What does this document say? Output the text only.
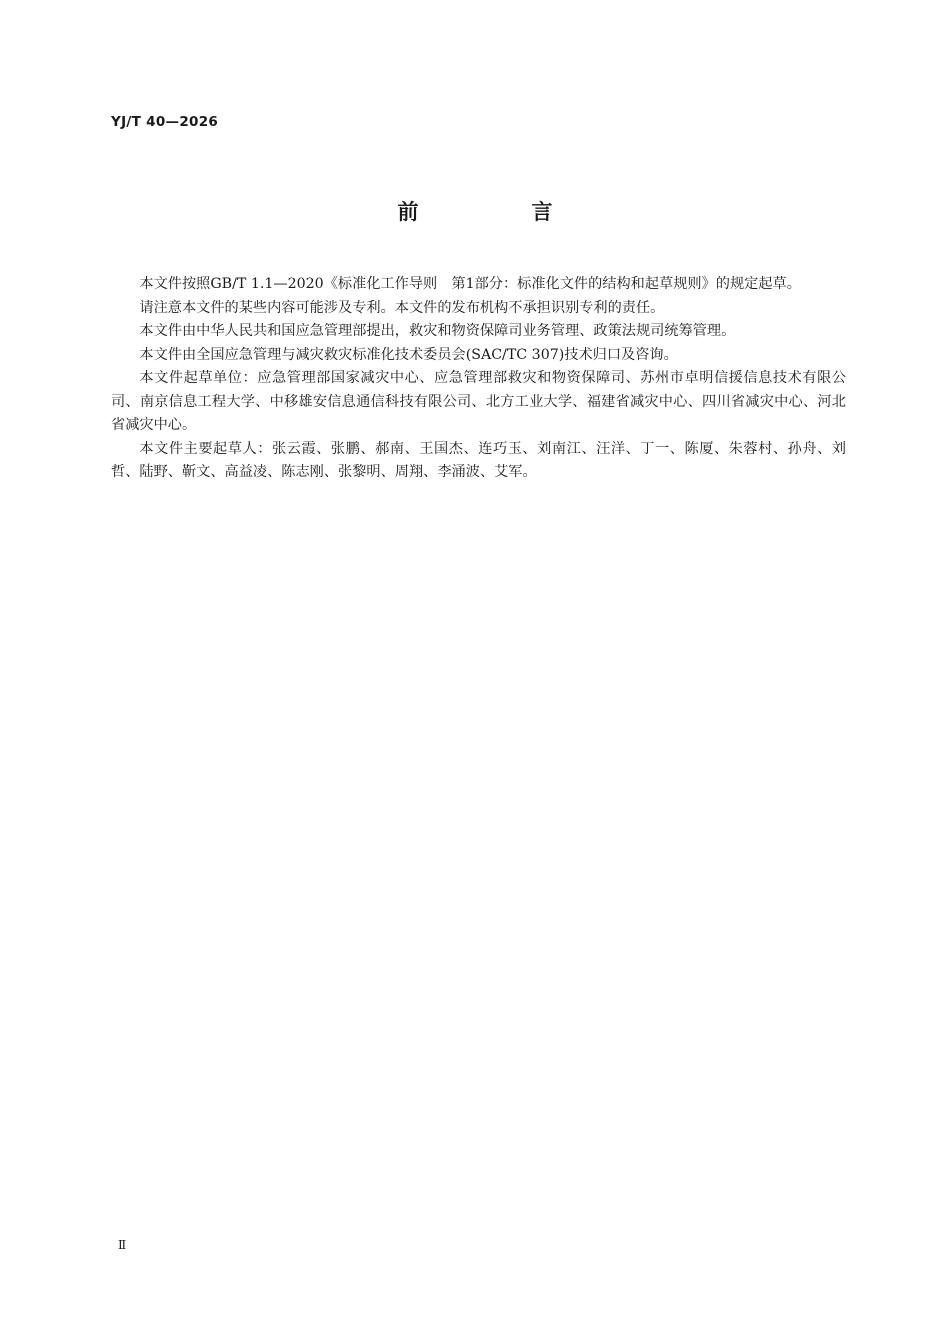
YJ/T 40—2026
前　言

本文件按照GB/T 1.1—2020《标准化工作导则　第1部分：标准化文件的结构和起草规则》的规定起草。

请注意本文件的某些内容可能涉及专利。本文件的发布机构不承担识别专利的责任。

本文件由中华人民共和国应急管理部提出，救灾和物资保障司业务管理、政策法规司统筹管理。

本文件由全国应急管理与减灾救灾标准化技术委员会(SAC/TC 307)技术归口及咨询。

本文件起草单位：应急管理部国家减灾中心、应急管理部救灾和物资保障司、苏州市卓明信援信息技术有限公司、南京信息工程大学、中移雄安信息通信科技有限公司、北方工业大学、福建省减灾中心、四川省减灾中心、河北省减灾中心。

本文件主要起草人：张云霞、张鹏、郝南、王国杰、连巧玉、刘南江、汪洋、丁一、陈厦、朱蓉村、孙舟、刘哲、陆野、靳文、高益凌、陈志刚、张黎明、周翔、李涌波、艾军。

Ⅱ
